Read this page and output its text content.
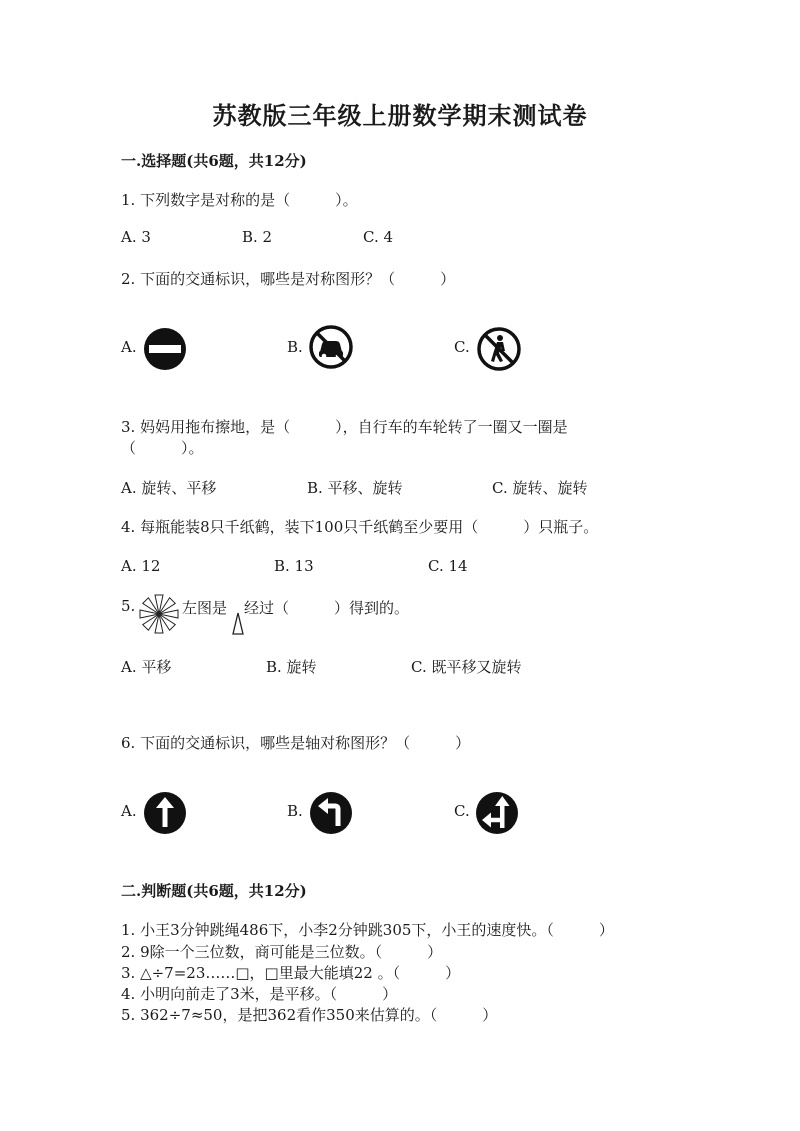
苏教版三年级上册数学期末测试卷
一.选择题(共6题，共12分)
1. 下列数字是对称的是（　　　）。
A. 3	B. 2	C. 4
2. 下面的交通标识，哪些是对称图形？（　　　）
A.	B.	C.
3. 妈妈用拖布擦地，是（　　　），自行车的车轮转了一圈又一圈是
（　　　）。
A. 旋转、平移	B. 平移、旋转	C. 旋转、旋转
4. 每瓶能装8只千纸鹤，装下100只千纸鹤至少要用（　　　）只瓶子。
A. 12	B. 13	C. 14
5.	左图是 经过（　　　）得到的。
A. 平移	B. 旋转	C. 既平移又旋转
6. 下面的交通标识，哪些是轴对称图形？（　　　）
A.	B.	C.
二.判断题(共6题，共12分)
1. 小王3分钟跳绳486下，小李2分钟跳305下，小王的速度快。（　　　）
2. 9除一个三位数，商可能是三位数。（　　　）
3. △÷7=23……□，□里最大能填22 。（　　　）
4. 小明向前走了3米，是平移。（　　　）
5. 362÷7≈50，是把362看作350来估算的。（　　　）
